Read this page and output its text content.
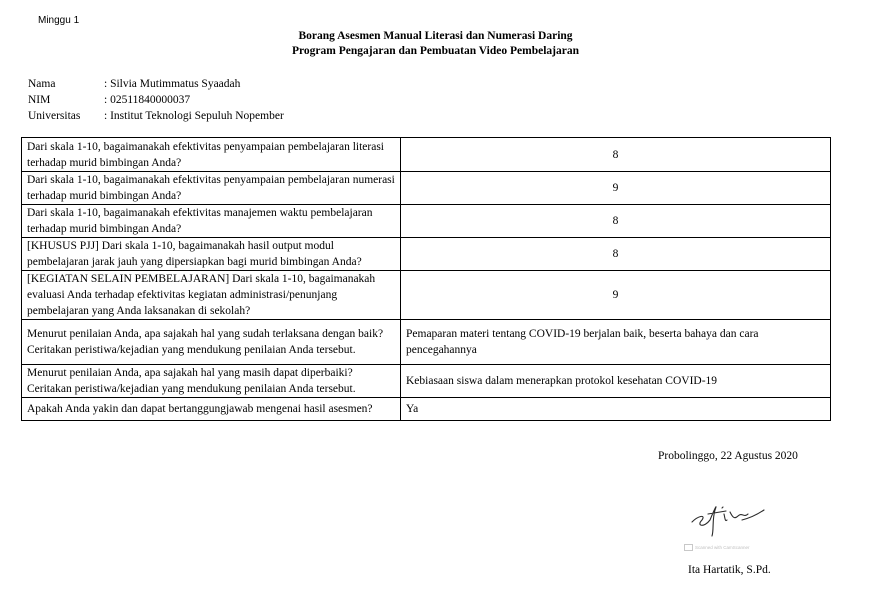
Minggu 1
Borang Asesmen Manual Literasi dan Numerasi Daring
Program Pengajaran dan Pembuatan Video Pembelajaran
Nama	: Silvia Mutimmatus Syaadah
NIM	: 02511840000037
Universitas	: Institut Teknologi Sepuluh Nopember
Dari skala 1-10, bagaimanakah efektivitas penyampaian pembelajaran literasi terhadap murid bimbingan Anda?	8
Dari skala 1-10, bagaimanakah efektivitas penyampaian pembelajaran numerasi terhadap murid bimbingan Anda?	9
Dari skala 1-10, bagaimanakah efektivitas manajemen waktu pembelajaran terhadap murid bimbingan Anda?	8
[KHUSUS PJJ] Dari skala 1-10, bagaimanakah hasil output modul pembelajaran jarak jauh yang dipersiapkan bagi murid bimbingan Anda?	8
[KEGIATAN SELAIN PEMBELAJARAN] Dari skala 1-10, bagaimanakah evaluasi Anda terhadap efektivitas kegiatan administrasi/penunjang pembelajaran yang Anda laksanakan di sekolah?	9
Menurut penilaian Anda, apa sajakah hal yang sudah terlaksana dengan baik? Ceritakan peristiwa/kejadian yang mendukung penilaian Anda tersebut.	Pemaparan materi tentang COVID-19 berjalan baik, beserta bahaya dan cara pencegahannya
Menurut penilaian Anda, apa sajakah hal yang masih dapat diperbaiki? Ceritakan peristiwa/kejadian yang mendukung penilaian Anda tersebut.	Kebiasaan siswa dalam menerapkan protokol kesehatan COVID-19
Apakah Anda yakin dan dapat bertanggungjawab mengenai hasil asesmen?	Ya
Probolinggo, 22 Agustus 2020
Scanned with CamScanner
Ita Hartatik, S.Pd.
